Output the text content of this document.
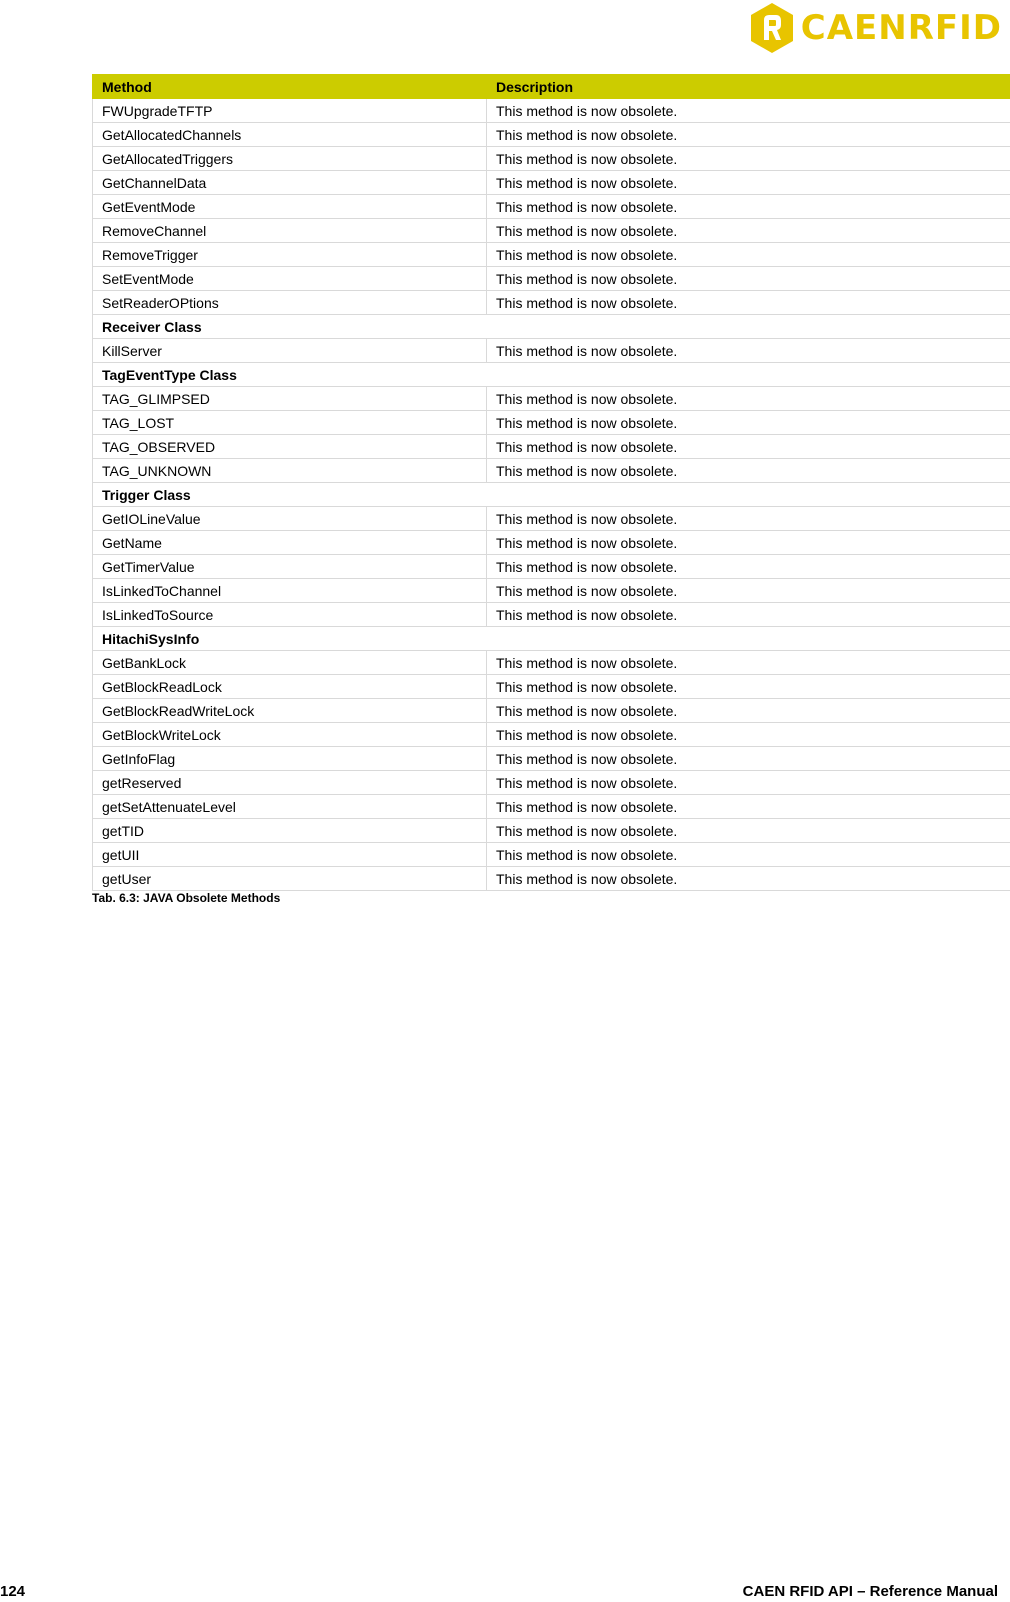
CAENRFID
Method	Description
FWUpgradeTFTP	This method is now obsolete.
GetAllocatedChannels	This method is now obsolete.
GetAllocatedTriggers	This method is now obsolete.
GetChannelData	This method is now obsolete.
GetEventMode	This method is now obsolete.
RemoveChannel	This method is now obsolete.
RemoveTrigger	This method is now obsolete.
SetEventMode	This method is now obsolete.
SetReaderOPtions	This method is now obsolete.
Receiver Class	
KillServer	This method is now obsolete.
TagEventType Class	
TAG_GLIMPSED	This method is now obsolete.
TAG_LOST	This method is now obsolete.
TAG_OBSERVED	This method is now obsolete.
TAG_UNKNOWN	This method is now obsolete.
Trigger Class	
GetIOLineValue	This method is now obsolete.
GetName	This method is now obsolete.
GetTimerValue	This method is now obsolete.
IsLinkedToChannel	This method is now obsolete.
IsLinkedToSource	This method is now obsolete.
HitachiSysInfo	
GetBankLock	This method is now obsolete.
GetBlockReadLock	This method is now obsolete.
GetBlockReadWriteLock	This method is now obsolete.
GetBlockWriteLock	This method is now obsolete.
GetInfoFlag	This method is now obsolete.
getReserved	This method is now obsolete.
getSetAttenuateLevel	This method is now obsolete.
getTID	This method is now obsolete.
getUII	This method is now obsolete.
getUser	This method is now obsolete.
Tab. 6.3: JAVA Obsolete Methods
124	CAEN RFID API – Reference Manual
